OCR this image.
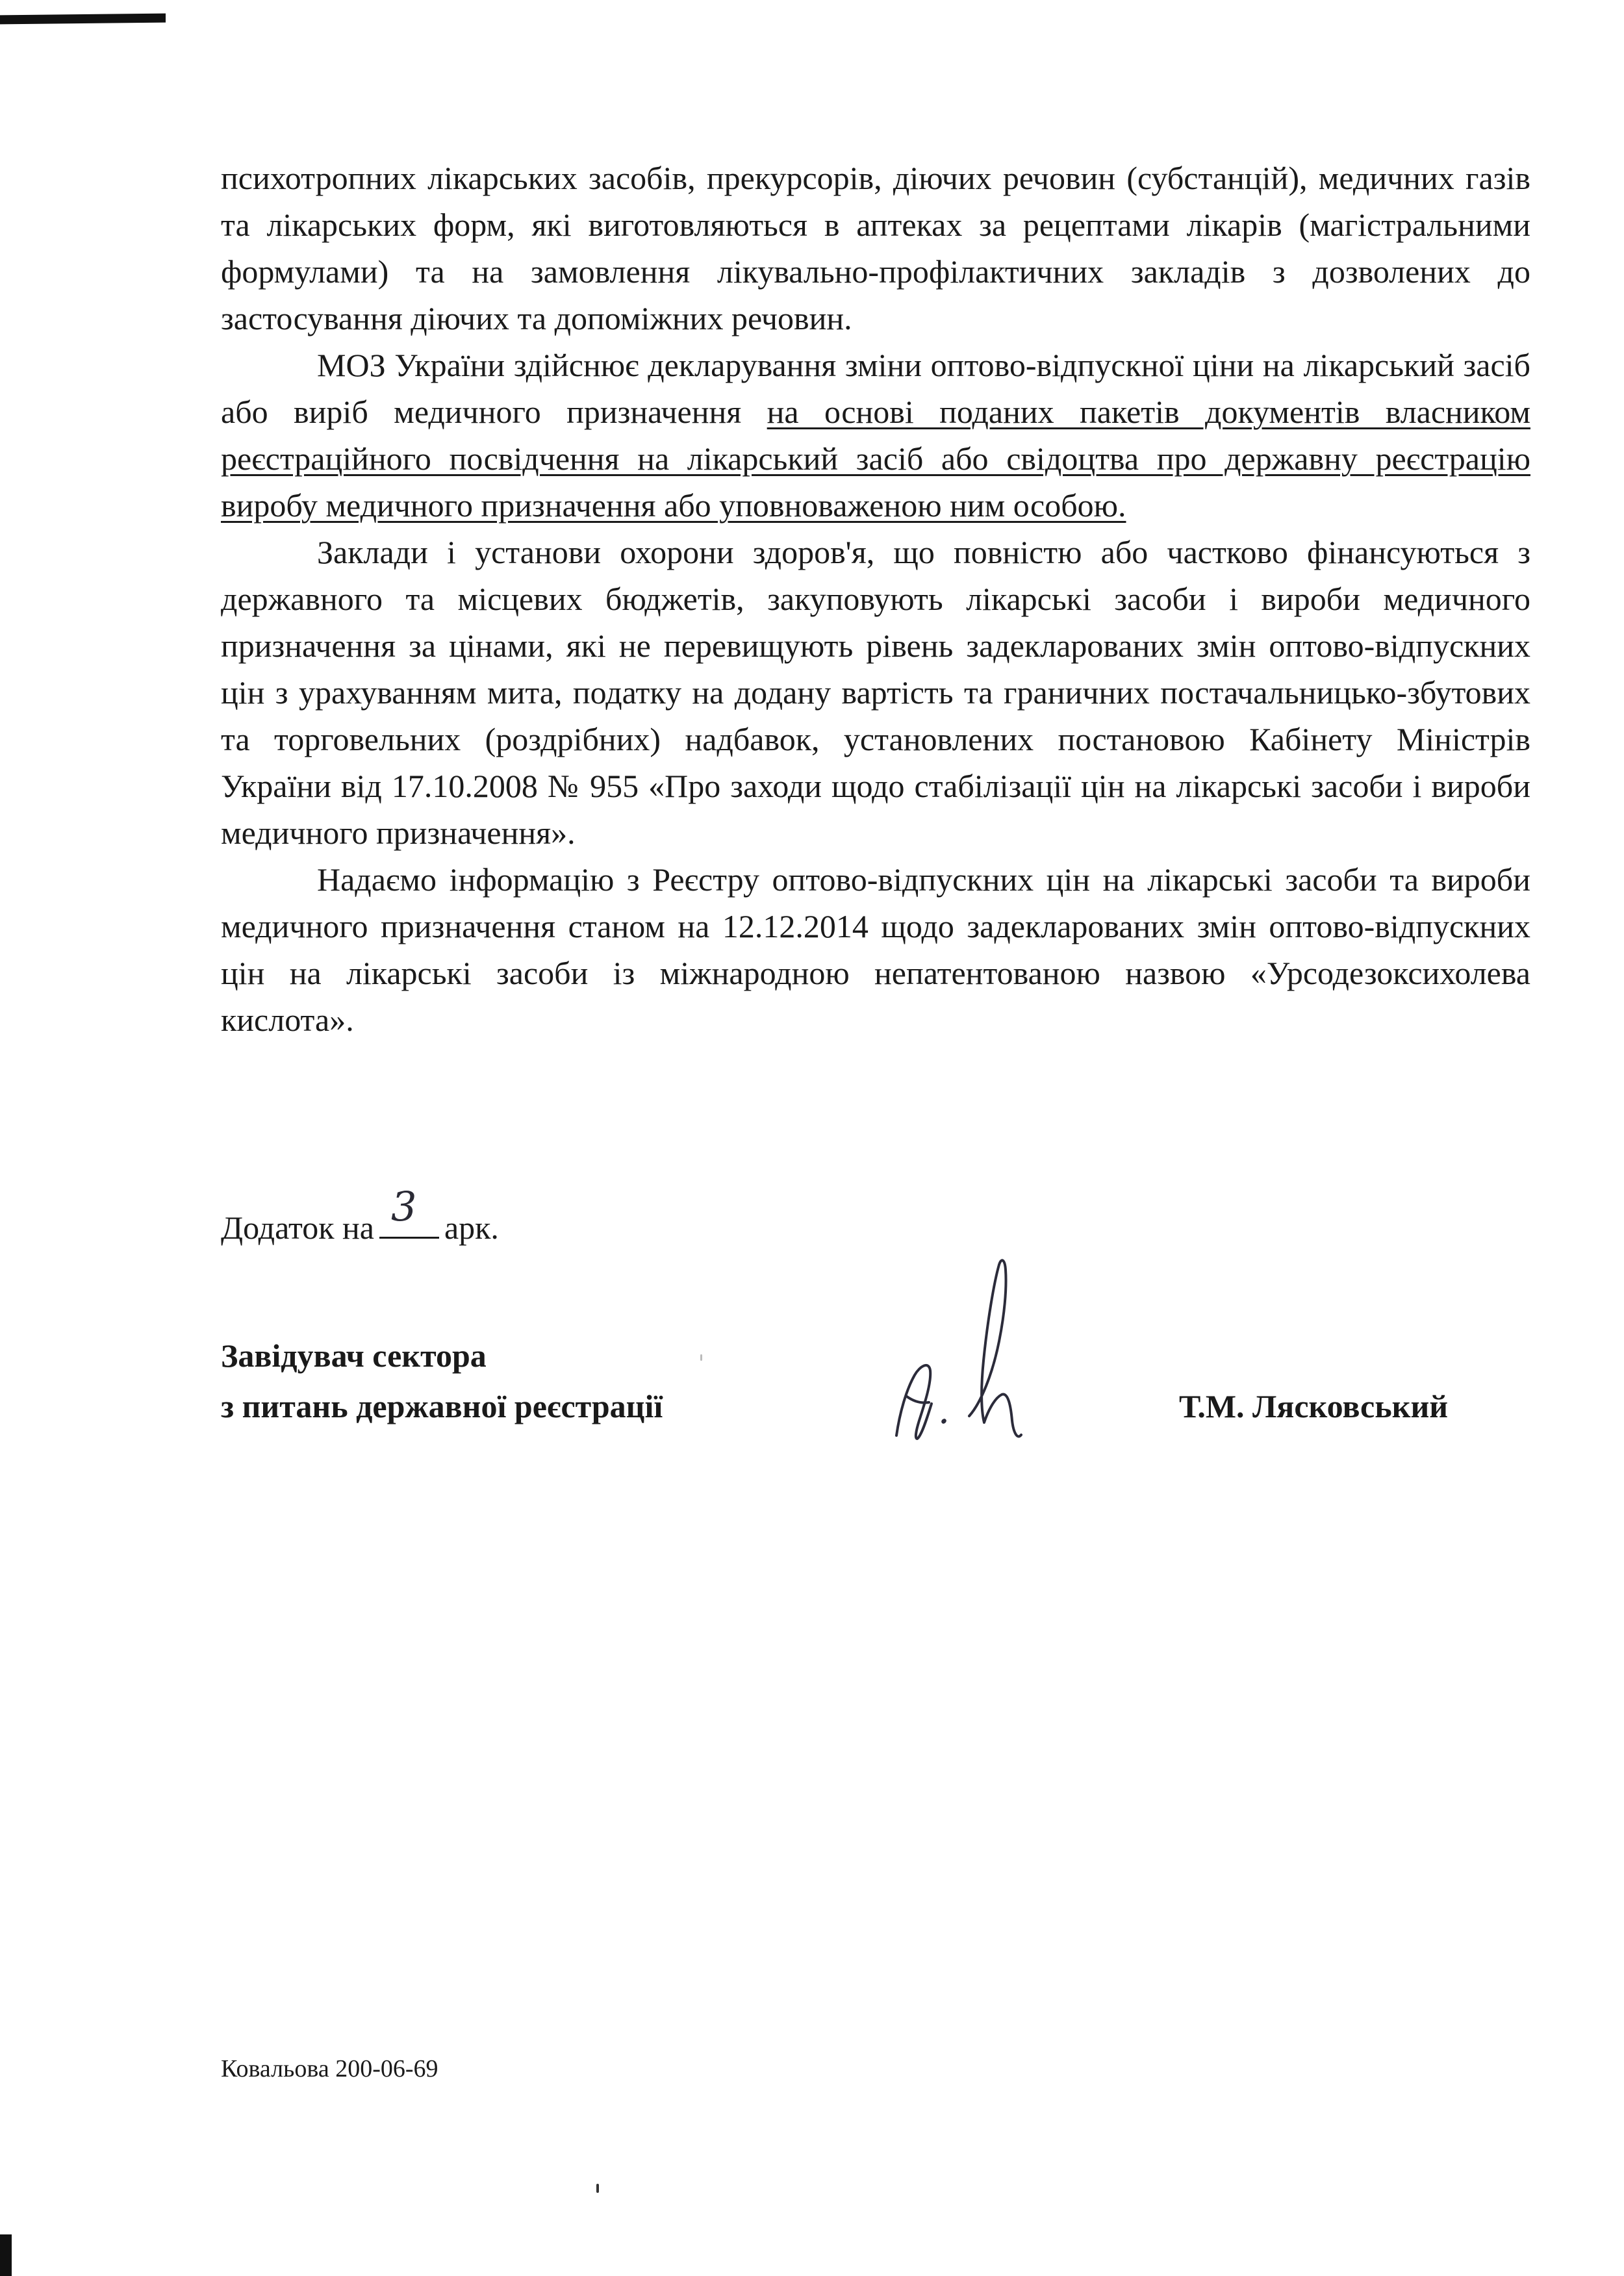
психотропних лікарських засобів, прекурсорів, діючих речовин (субстанцій), медичних газів та лікарських форм, які виготовляються в аптеках за рецептами лікарів (магістральними формулами) та на замовлення лікувально-профілактичних закладів з дозволених до застосування діючих та допоміжних речовин.

МОЗ України здійснює декларування зміни оптово-відпускної ціни на лікарський засіб або виріб медичного призначення на основі поданих пакетів документів власником реєстраційного посвідчення на лікарський засіб або свідоцтва про державну реєстрацію виробу медичного призначення або уповноваженою ним особою.

Заклади і установи охорони здоров'я, що повністю або частково фінансуються з державного та місцевих бюджетів, закуповують лікарські засоби і вироби медичного призначення за цінами, які не перевищують рівень задекларованих змін оптово-відпускних цін з урахуванням мита, податку на додану вартість та граничних постачальницько-збутових та торговельних (роздрібних) надбавок, установлених постановою Кабінету Міністрів України від 17.10.2008 № 955 «Про заходи щодо стабілізації цін на лікарські засоби і вироби медичного призначення».

Надаємо інформацію з Реєстру оптово-відпускних цін на лікарські засоби та вироби медичного призначення станом на 12.12.2014 щодо задекларованих змін оптово-відпускних цін на лікарські засоби із міжнародною непатентованою назвою «Урсодезоксихолева кислота».

Додаток на 3 арк.
Завідувач сектора
з питань державної реєстрації	Т.М. Лясковський
Ковальова 200-06-69
